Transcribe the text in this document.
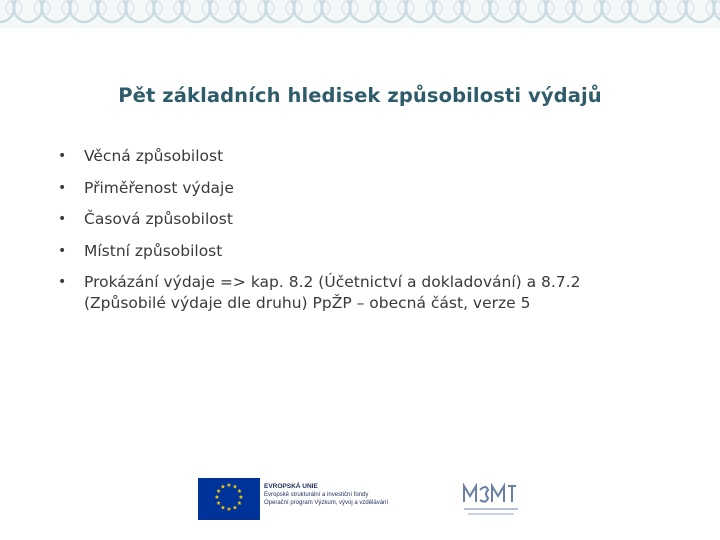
Pět základních hledisek způsobilosti výdajů
• Věcná způsobilost
• Přiměřenost výdaje
• Časová způsobilost
• Místní způsobilost
• Prokázání výdaje => kap. 8.2 (Účetnictví a dokladování) a 8.7.2 (Způsobilé výdaje dle druhu) PpŽP – obecná část, verze 5
★ ★
★
★
★
★
★
★
★
★
★
★	EVROPSKÁ UNIE
Evropské strukturální a investiční fondy
Operační program Výzkum, vývoj a vzdělávání
